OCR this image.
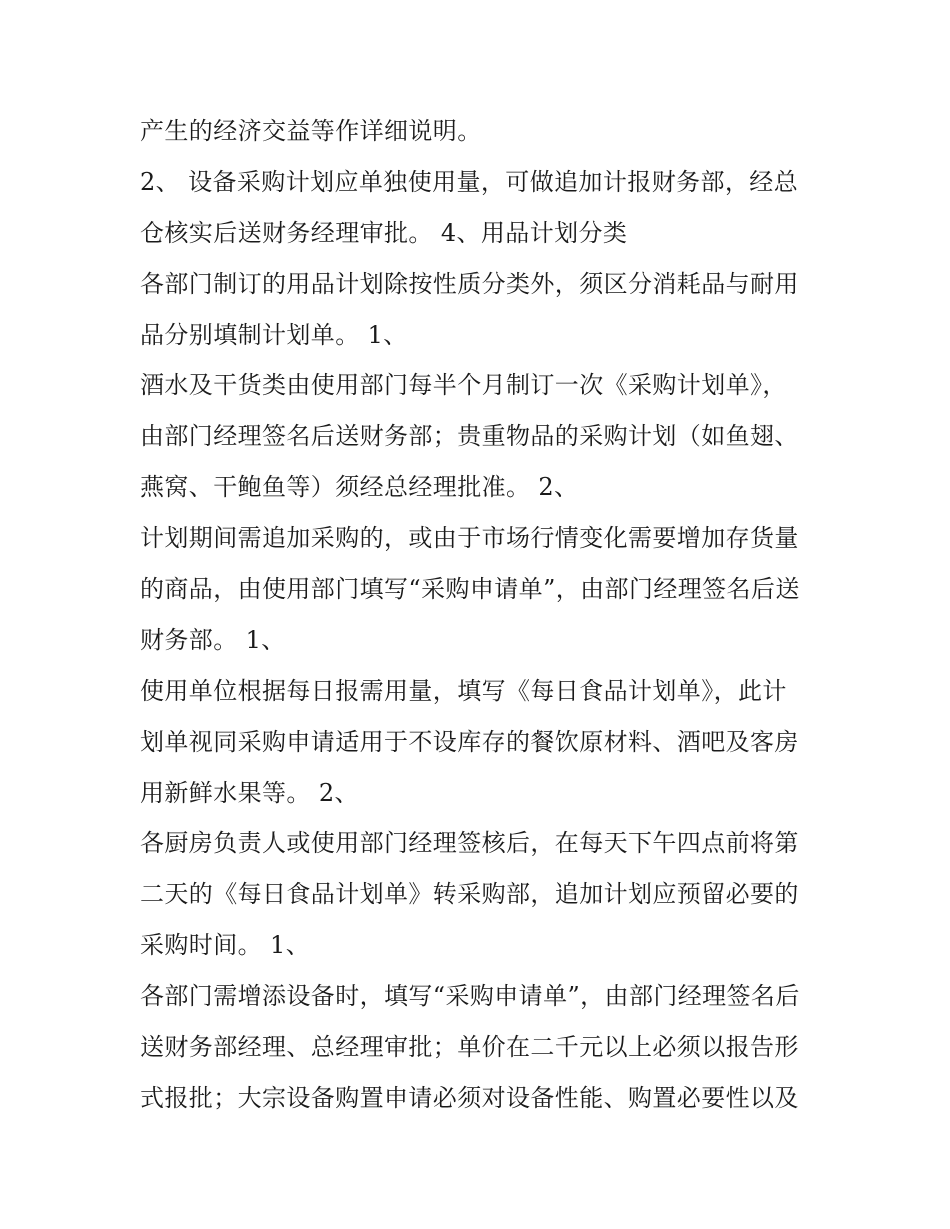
产生的经济交益等作详细说明。
2、 设备采购计划应单独使用量，可做追加计报财务部，经总
仓核实后送财务经理审批。 4、用品计划分类
各部门制订的用品计划除按性质分类外，须区分消耗品与耐用
品分别填制计划单。 1、
酒水及干货类由使用部门每半个月制订一次《采购计划单》，
由部门经理签名后送财务部；贵重物品的采购计划（如鱼翅、
燕窝、干鲍鱼等）须经总经理批准。 2、
计划期间需追加采购的，或由于市场行情变化需要增加存货量
的商品，由使用部门填写“采购申请单”，由部门经理签名后送
财务部。 1、
使用单位根据每日报需用量，填写《每日食品计划单》，此计
划单视同采购申请适用于不设库存的餐饮原材料、酒吧及客房
用新鲜水果等。 2、
各厨房负责人或使用部门经理签核后，在每天下午四点前将第
二天的《每日食品计划单》转采购部，追加计划应预留必要的
采购时间。 1、
各部门需增添设备时，填写“采购申请单”，由部门经理签名后
送财务部经理、总经理审批；单价在二千元以上必须以报告形
式报批；大宗设备购置申请必须对设备性能、购置必要性以及
